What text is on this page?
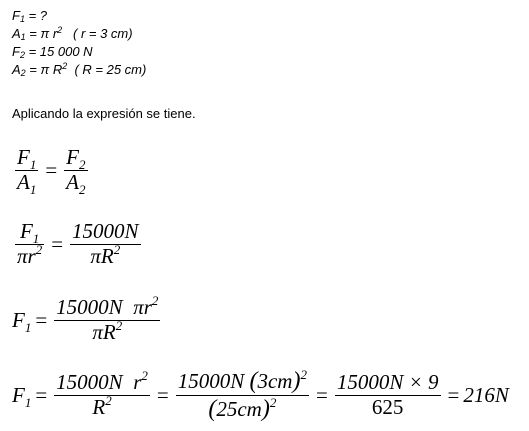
$F_1$ = ?
$A_1 = \pi$ $r^2$   ( r = 3 cm)
$F_2 = 15$ 000 N
$A_2 = \pi$ $R^2$  ( R = 25 cm)
Aplicando la expresión se tiene.
$\frac{F_1}{A_1} = \frac{F_2}{A_2}$
$\frac{F_1}{\pi r^2} = \frac{15000N}{\pi R^2}$
$F_1 = \frac{15000N \pi r^2}{\pi R^2}$
$F_1 = \frac{15000N r^2}{R^2} = \frac{15000N (3cm)^2}{(25cm)^2} = \frac{15000N \times 9}{625} = 216N$
